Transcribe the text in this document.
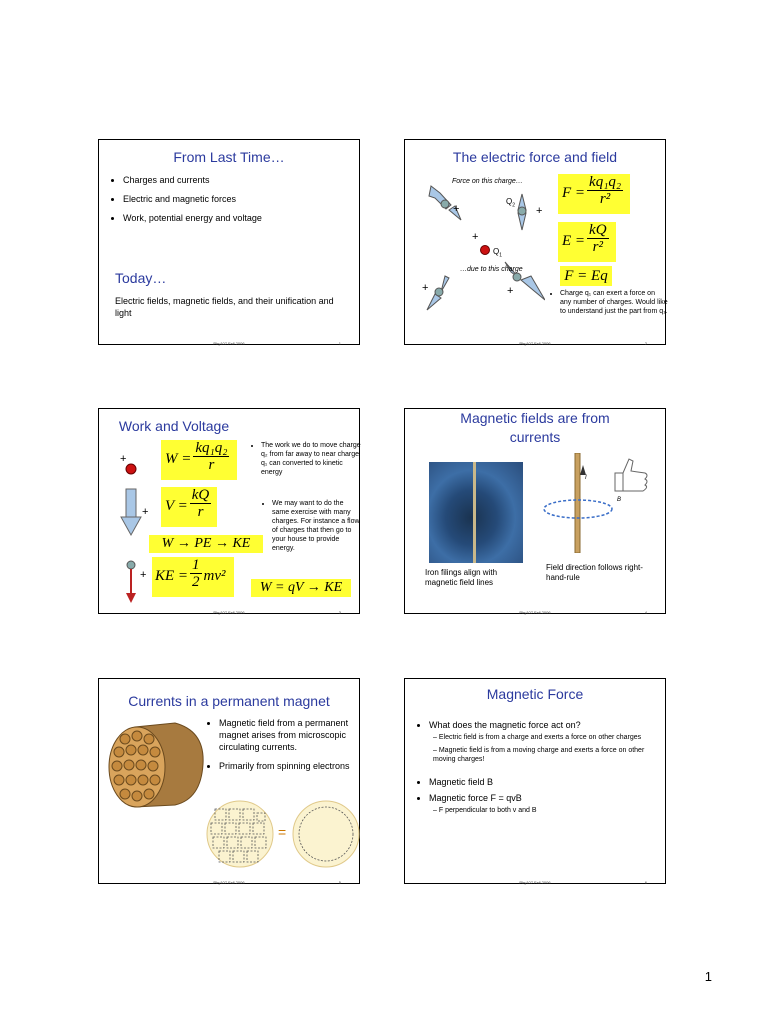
From Last Time…
• Charges and currents
• Electric and magnetic forces
• Work, potential energy and voltage
Today…
Electric fields, magnetic fields, and their unification and light
Phy107 Fall 2006	1
The electric force and field
Force on this charge…
+	+
+
+	+
$Q_2$
$Q_1$
…due to this charge
$F = \frac{\text{kq₁q₂}}{\text{r²}}$
$E = \frac{kQ}{\text{r²}}$
F = Eq
• Charge q₁ can exert a force on any number of charges. Would like to understand just the part from q₁.
Phy107 Fall 2006	2
Work and Voltage
+
+
+
$W = \frac{\text{kq₁q₂}}{r}$
$V = \frac{kQ}{r}$
W → PE → KE
KE = $\frac{1}{2} mv^2$
W = qV → KE
• The work we do to move charge q₂ from far away to near charge q₁ can converted to kinetic energy
• We may want to do the same exercise with many charges. For instance a flow of charges that then go to your house to provide energy.
Phy107 Fall 2006	3
Magnetic fields are from currents
I
B
Iron filings align with magnetic field lines
Field direction follows right-hand-rule
Phy107 Fall 2006	4
Currents in a permanent magnet
=
• Magnetic field from a permanent magnet arises from microscopic circulating currents.
• Primarily from spinning electrons
Phy107 Fall 2006	5
Magnetic Force
• What does the magnetic force act on?
– Electric field is from a charge and exerts a force on other charges
– Magnetic field is from a moving charge and exerts a force on other moving charges!
• Magnetic field B
• Magnetic force F = qvB
– F perpendicular to both v and B
Phy107 Fall 2006	6
1
